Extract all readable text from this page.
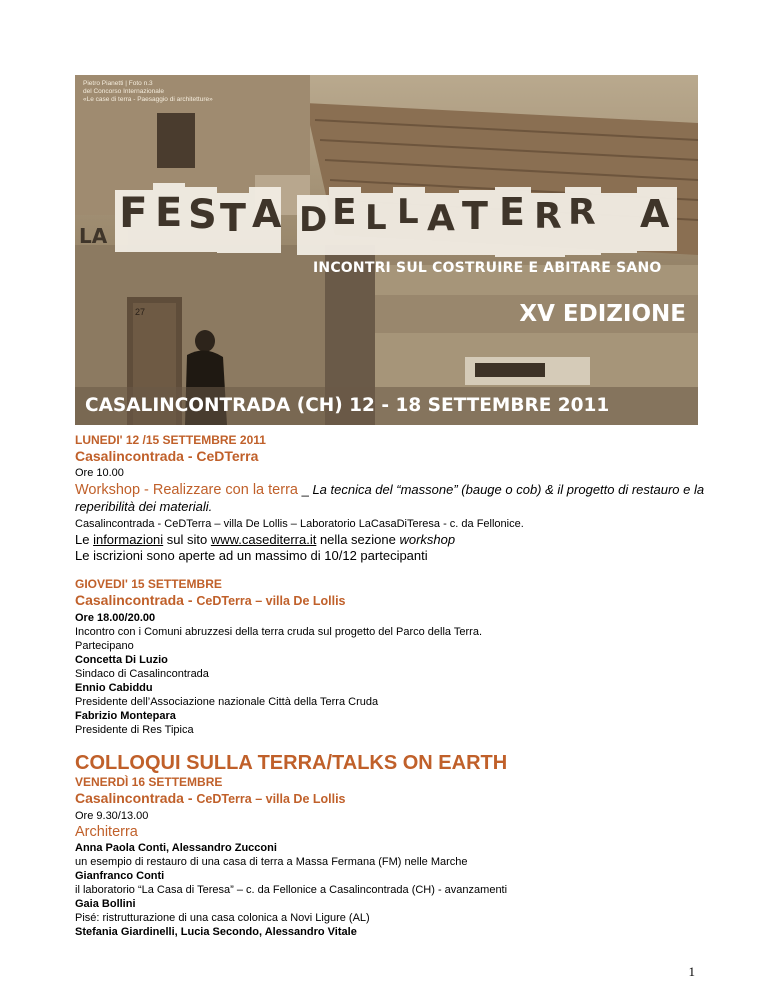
Pietro Pianetti | Foto n.3
del Concorso Internazionale
«Le case di terra - Paesaggio di architetture»
LA F E S T A D E L L A T E R R A
INCONTRI SUL COSTRUIRE E ABITARE SANO
27	XV EDIZIONE
CASALINCONTRADA (CH) 12 - 18 SETTEMBRE 2011

LUNEDI' 12 /15 SETTEMBRE 2011

Casalincontrada - CeDTerra

Ore 10.00

Workshop - Realizzare con la terra _ La tecnica del “massone” (bauge o cob) & il progetto di restauro e la reperibilità dei materiali.

Casalincontrada - CeDTerra – villa De Lollis – Laboratorio LaCasaDiTeresa - c. da Fellonice.

Le informazioni sul sito www.casediterra.it nella sezione workshop

Le iscrizioni sono aperte ad un massimo di 10/12 partecipanti

GIOVEDI' 15 SETTEMBRE

Casalincontrada - CeDTerra – villa De Lollis

Ore 18.00/20.00

Incontro con i Comuni abruzzesi della terra cruda sul progetto del Parco della Terra.

Partecipano

Concetta Di Luzio

Sindaco di Casalincontrada

Ennio Cabiddu

Presidente dell’Associazione nazionale Città della Terra Cruda

Fabrizio Montepara

Presidente di Res Tipica

COLLOQUI SULLA TERRA/TALKS ON EARTH

VENERDÌ 16 SETTEMBRE

Casalincontrada - CeDTerra – villa De Lollis

Ore 9.30/13.00

Architerra

Anna Paola Conti, Alessandro Zucconi

un esempio di restauro di una casa di terra a Massa Fermana (FM) nelle Marche

Gianfranco Conti

il laboratorio “La Casa di Teresa” – c. da Fellonice a Casalincontrada (CH) - avanzamenti

Gaia Bollini

Pisé: ristrutturazione di una casa colonica a Novi Ligure (AL)

Stefania Giardinelli, Lucia Secondo, Alessandro Vitale

1
